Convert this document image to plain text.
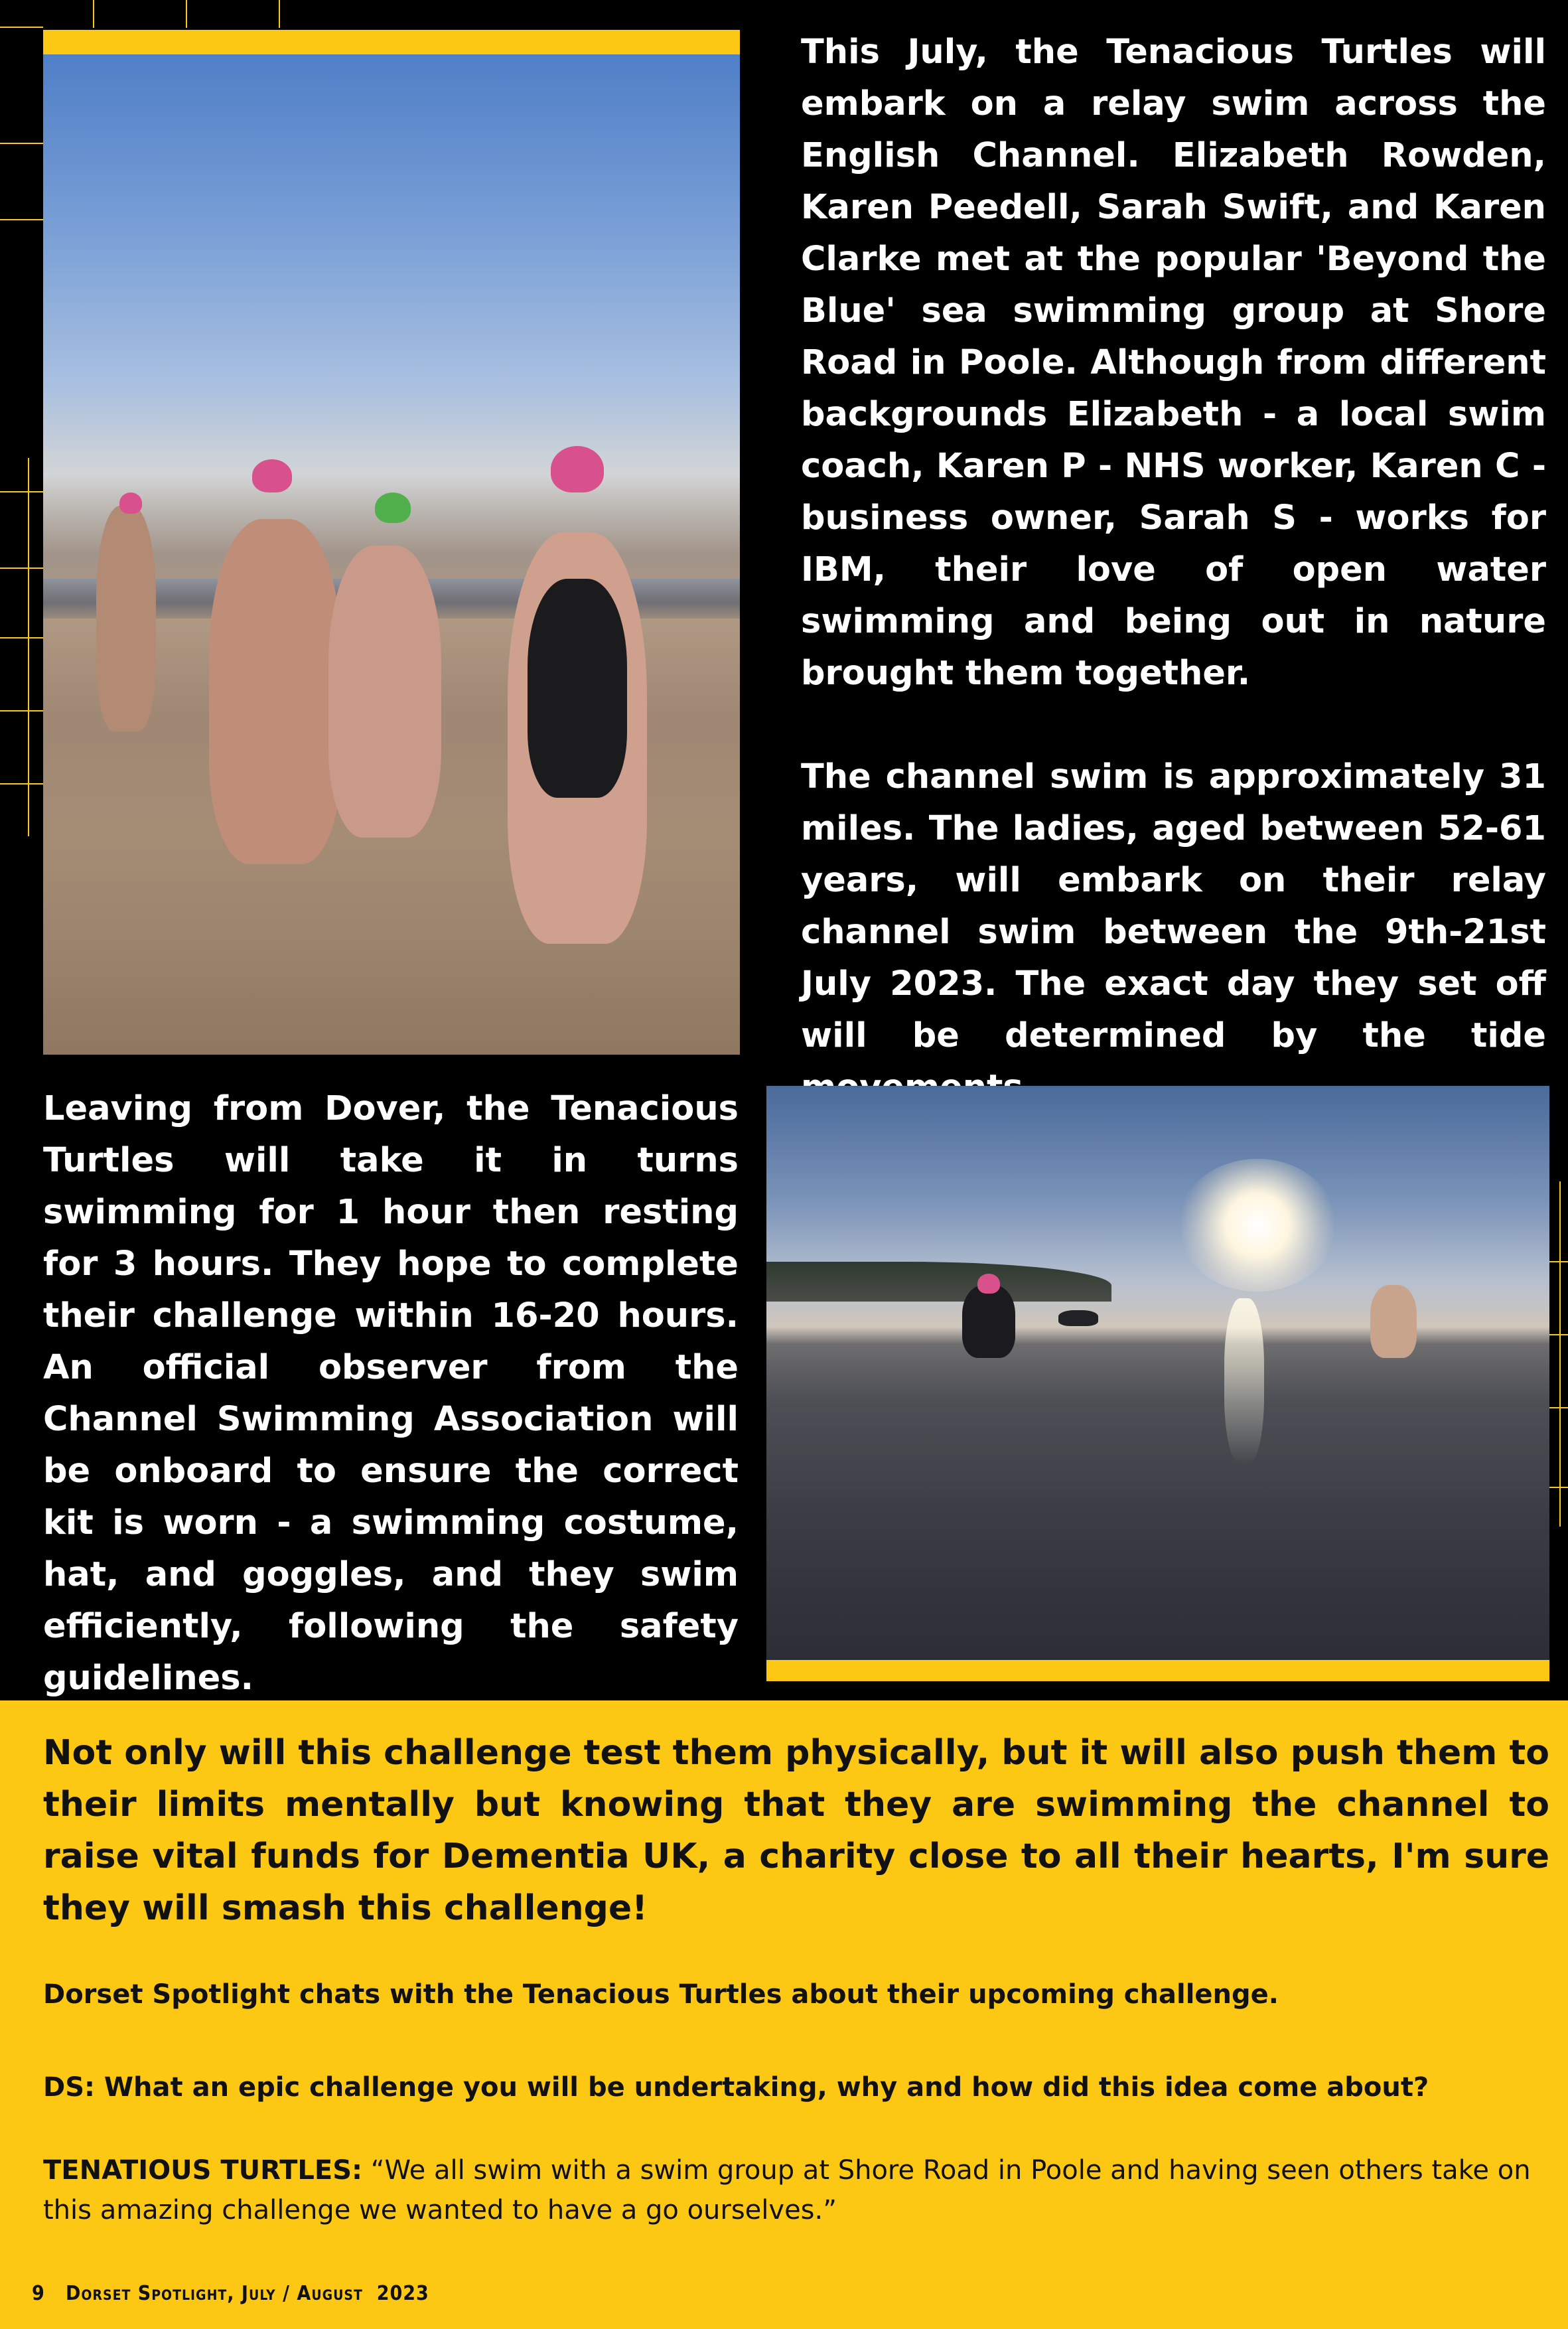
This July, the Tenacious Turtles will embark on a relay swim across the English Channel. Elizabeth Rowden, Karen Peedell, Sarah Swift, and Karen Clarke met at the popular 'Beyond the Blue' sea swimming group at Shore Road in Poole. Although from different backgrounds Elizabeth - a local swim coach, Karen P - NHS worker, Karen C - business owner, Sarah S - works for IBM, their love of open water swimming and being out in nature brought them together.

The channel swim is approximately 31 miles. The ladies, aged between 52-61 years, will embark on their relay channel swim between the 9th-21st July 2023. The exact day they set off will be determined by the tide

Leaving from Dover, the Tenacious Turtles will take it in turns swimming for 1 hour then resting for 3 hours. They hope to complete their challenge within 16-20 hours. An official observer from the Channel Swimming Association will be onboard to ensure the correct kit is worn - a swimming costume, hat, and goggles, and they swim efficiently, following the safety guidelines.

Not only will this challenge test them physically, but it will also push them to their limits mentally but knowing that they are swimming the channel to raise vital funds for Dementia UK, a charity close to all their hearts, I'm sure they will smash this challenge!

Dorset Spotlight chats with the Tenacious Turtles about their upcoming challenge.

DS: What an epic challenge you will be undertaking, why and how did this idea come about?

TENATIOUS TURTLES: “We all swim with a swim group at Shore Road in Poole and having seen others take on this amazing challenge we wanted to have a go ourselves.”

9 Dorset Spotlight, July / August  2023
